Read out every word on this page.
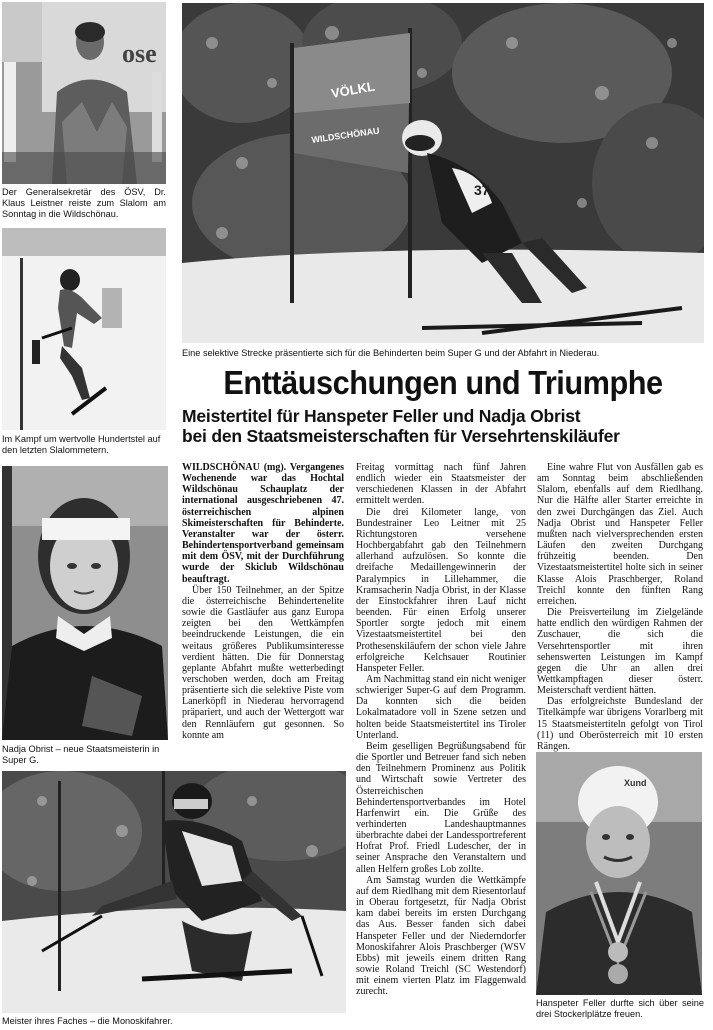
ose
Der Generalsekretär des ÖSV, Dr. Klaus Leistner reiste zum Slalom am Sonntag in die Wildschönau.
Im Kampf um wertvolle Hundertstel auf den letzten Slalommetern.
Nadja Obrist – neue Staatsmeisterin in Super G.
VÖLKL
WILDSCHÖNAU
37
Eine selektive Strecke präsentierte sich für die Behinderten beim Super G und der Abfahrt in Niederau.
Meister ihres Faches – die Monoskifahrer.
Xund
Hanspeter Feller durfte sich über seine drei Stockerlplätze freuen.
Enttäuschungen und Triumphe
Meistertitel für Hanspeter Feller und Nadja Obrist
bei den Staatsmeisterschaften für Versehrtenskiläufer

WILDSCHÖNAU (mg). Vergangenes Wochenende war das Hochtal Wildschönau Schauplatz der international ausgeschriebenen 47. österreichischen alpinen Skimeisterschaften für Behinderte. Veranstalter war der österr. Behindertensportverband gemeinsam mit dem ÖSV, mit der Durchführung wurde der Skiclub Wildschönau beauftragt.

Über 150 Teilnehmer, an der Spitze die österreichische Behindertenelite sowie die Gastläufer aus ganz Europa zeigten bei den Wettkämpfen beeindruckende Leistungen, die ein weitaus größeres Publikumsinteresse verdient hätten. Die für Donnerstag geplante Abfahrt mußte wetterbedingt verschoben werden, doch am Freitag präsentierte sich die selektive Piste vom Lanerköpfl in Niederau hervorragend präpariert, und auch der Wettergott war den Rennläufern gut gesonnen. So konnte am

Freitag vormittag nach fünf Jahren endlich wieder ein Staatsmeister der verschiedenen Klassen in der Abfahrt ermittelt werden.

Die drei Kilometer lange, von Bundestrainer Leo Leitner mit 25 Richtungstoren versehene Hochbergabfahrt gab den Teilnehmern allerhand aufzulösen. So konnte die dreifache Medaillengewinnerin der Paralympics in Lillehammer, die Kramsacherin Nadja Obrist, in der Klasse der Einstockfahrer ihren Lauf nicht beenden. Für einen Erfolg unserer Sportler sorgte jedoch mit einem Vizestaatsmeistertitel bei den Prothesenskiläufern der schon viele Jahre erfolgreiche Kelchsauer Routinier Hanspeter Feller.

Am Nachmittag stand ein nicht weniger schwieriger Super-G auf dem Programm. Da konnten sich die beiden Lokalmatadore voll in Szene setzen und holten beide Staatsmeistertitel ins Tiroler Unterland.

Beim geselligen Begrüßungsabend für die Sportler und Betreuer fand sich neben den Teilnehmern Prominenz aus Politik und Wirtschaft sowie Vertreter des Österreichischen Behindertensportverbandes im Hotel Harfenwirt ein. Die Grüße des verhinderten Landeshauptmannes überbrachte dabei der Landessportreferent Hofrat Prof. Friedl Ludescher, der in seiner Ansprache den Veranstaltern und allen Helfern großes Lob zollte.

Am Samstag wurden die Wettkämpfe auf dem Riedlhang mit dem Riesentorlauf in Oberau fortgesetzt, für Nadja Obrist kam dabei bereits im ersten Durchgang das Aus. Besser fanden sich dabei Hanspeter Feller und der Niederndorfer Monoskifahrer Alois Praschberger (WSV Ebbs) mit jeweils einem dritten Rang sowie Roland Treichl (SC Westendorf) mit einem vierten Platz im Flaggenwald zurecht.

Eine wahre Flut von Ausfällen gab es am Sonntag beim abschließenden Slalom, ebenfalls auf dem Riedlhang. Nur die Hälfte aller Starter erreichte in den zwei Durchgängen das Ziel. Auch Nadja Obrist und Hanspeter Feller mußten nach vielversprechenden ersten Läufen den zweiten Durchgang frühzeitig beenden. Den Vizestaatsmeistertitel holte sich in seiner Klasse Alois Praschberger, Roland Treichl konnte den fünften Rang erreichen.

Die Preisverteilung im Zielgelände hatte endlich den würdigen Rahmen der Zuschauer, die sich die Versehrtensportler mit ihren sehenswerten Leistungen im Kampf gegen die Uhr an allen drei Wettkampftagen dieser österr. Meisterschaft verdient hätten.

Das erfolgreichste Bundesland der Titelkämpfe war übrigens Vorarlberg mit 15 Staatsmeistertiteln gefolgt von Tirol (11) und Oberösterreich mit 10 ersten Rängen.
